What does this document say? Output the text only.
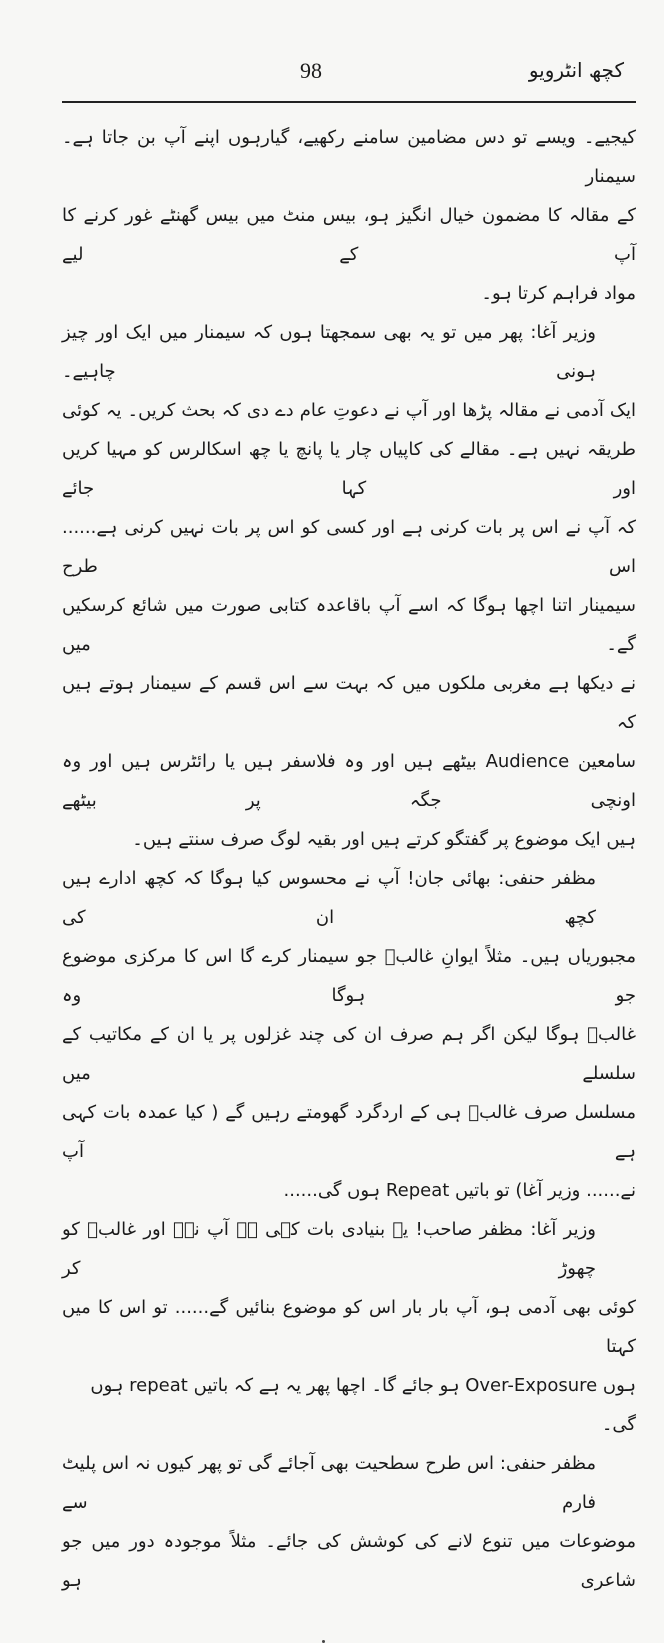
کچھ انٹرویو
98
کیجیے۔ ویسے تو دس مضامین سامنے رکھیے، گیارہوں اپنے آپ بن جاتا ہے۔ سیمنار
کے مقالہ کا مضمون خیال انگیز ہو، بیس منٹ میں بیس گھنٹے غور کرنے کا آپ کے لیے
مواد فراہم کرتا ہو۔
وزیر آغا: پھر میں تو یہ بھی سمجھتا ہوں کہ سیمنار میں ایک اور چیز ہونی چاہیے۔
ایک آدمی نے مقالہ پڑھا اور آپ نے دعوتِ عام دے دی کہ بحث کریں۔ یہ کوئی
طریقہ نہیں ہے۔ مقالے کی کاپیاں چار یا پانچ یا چھ اسکالرس کو مہیا کریں اور کہا جائے
کہ آپ نے اس پر بات کرنی ہے اور کسی کو اس پر بات نہیں کرنی ہے...... اس طرح
سیمینار اتنا اچھا ہوگا کہ اسے آپ باقاعدہ کتابی صورت میں شائع کرسکیں گے۔ میں
نے دیکھا ہے مغربی ملکوں میں کہ بہت سے اس قسم کے سیمنار ہوتے ہیں کہ
سامعین Audience بیٹھے ہیں اور وہ فلاسفر ہیں یا رائٹرس ہیں اور وہ اونچی جگہ پر بیٹھے
ہیں ایک موضوع پر گفتگو کرتے ہیں اور بقیہ لوگ صرف سنتے ہیں۔
مظفر حنفی: بھائی جان! آپ نے محسوس کیا ہوگا کہ کچھ ادارے ہیں کچھ ان کی
مجبوریاں ہیں۔ مثلاً ایوانِ غالبؔ جو سیمنار کرے گا اس کا مرکزی موضوع جو ہوگا وہ
غالبؔ ہوگا لیکن اگر ہم صرف ان کی چند غزلوں پر یا ان کے مکاتیب کے سلسلے میں
مسلسل صرف غالبؔ ہی کے اردگرد گھومتے رہیں گے ( کیا عمدہ بات کہی ہے آپ
نے...... وزیر آغا) تو باتیں Repeat ہوں گی......
وزیر آغا: مظفر صاحب! یہ بنیادی بات کہی ہے آپ نے۔ اور غالبؔ کو چھوڑ کر
کوئی بھی آدمی ہو، آپ بار بار اس کو موضوع بنائیں گے...... تو اس کا میں کہتا
ہوں Over-Exposure ہو جائے گا۔ اچھا پھر یہ ہے کہ باتیں repeat ہوں گی۔
مظفر حنفی: اس طرح سطحیت بھی آجائے گی تو پھر کیوں نہ اس پلیٹ فارم سے
موضوعات میں تنوع لانے کی کوشش کی جائے۔ مثلاً موجودہ دور میں جو شاعری ہو
